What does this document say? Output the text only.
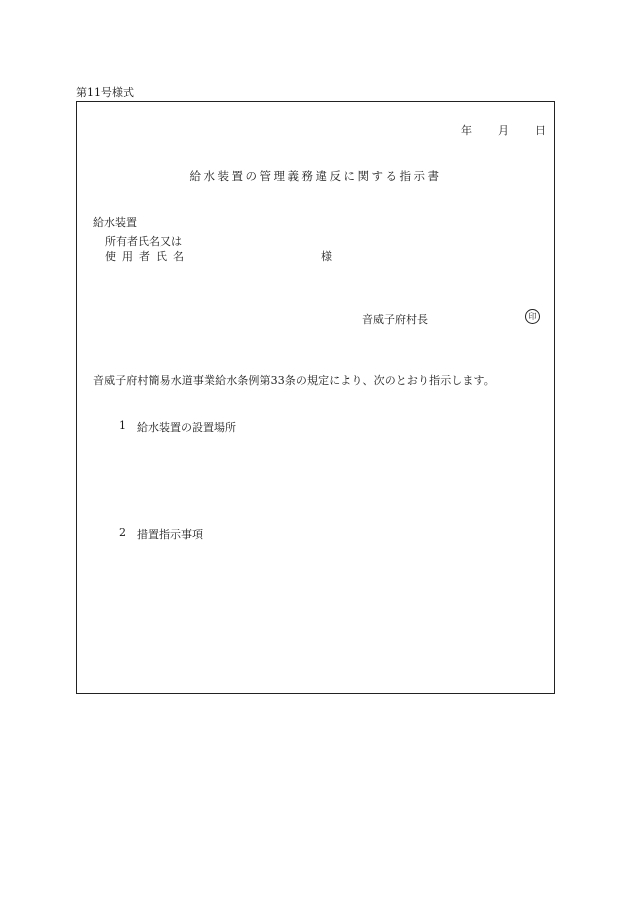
第11号様式
年 月 日
給水装置の管理義務違反に関する指示書
給水装置
所有者氏名又は
使用者氏名	様
音威子府村長	印
音威子府村簡易水道事業給水条例第33条の規定により、次のとおり指示します。
1 給水装置の設置場所
2 措置指示事項
